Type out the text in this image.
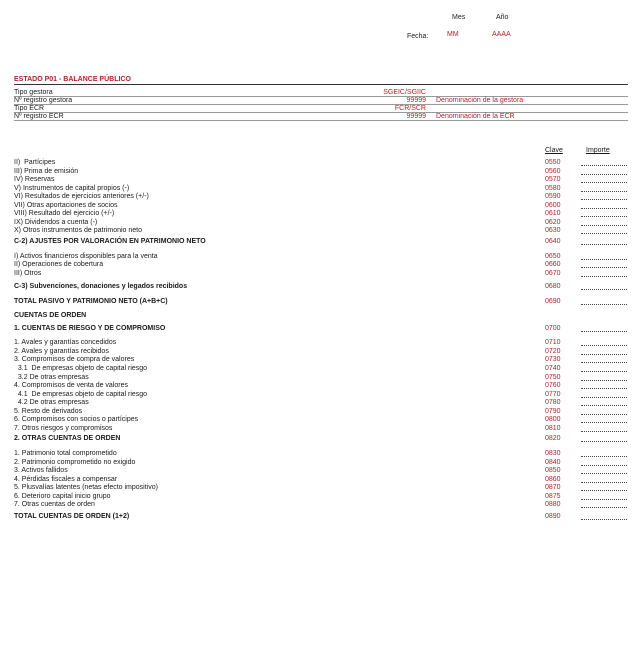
Mes	Año
Fecha:	MM	AAAA
ESTADO P01 - BALANCE PÚBLICO
Tipo gestora	SGEIC/SGIIC
Nº registro gestora	99999 Denominación de la gestora
Tipo ECR	FCR/SCR
Nº registro ECR	99999 Denominación de la ECR
Clave	Importe
II)  Partícipes	0550
III) Prima de emisión	0560
IV) Reservas	0570
V) Instrumentos de capital propios (-)	0580
VI) Resultados de ejercicios anteriores (+/-)	0590
VII) Otras aportaciones de socios	0600
VIII) Resultado del ejercicio (+/-)	0610
IX) Dividendos a cuenta (-)	0620
X) Otros instrumentos de patrimonio neto	0630
C-2) AJUSTES POR VALORACIÓN EN PATRIMONIO NETO	0640
I) Activos financieros disponibles para la venta	0650
II) Operaciones de cobertura	0660
III) Otros	0670
C-3) Subvenciones, donaciones y legados recibidos	0680
TOTAL PASIVO Y PATRIMONIO NETO (A+B+C)	0690
CUENTAS DE ORDEN
1. CUENTAS DE RIESGO Y DE COMPROMISO	0700
1. Avales y garantías concedidos	0710
2. Avales y garantías recibidos	0720
3. Compromisos de compra de valores	0730
3.1  De empresas objeto de capital riesgo	0740
3.2 De otras empresas	0750
4. Compromisos de venta de valores	0760
4.1  De empresas objeto de capital riesgo	0770
4.2 De otras empresas	0780
5. Resto de derivados	0790
6. Compromisos con socios o partícipes	0800
7. Otros riesgos y compromisos	0810
2. OTRAS CUENTAS DE ORDEN	0820
1. Patrimonio total comprometido	0830
2. Patrimonio comprometido no exigido	0840
3. Activos fallidos	0850
4. Pérdidas fiscales a compensar	0860
5. Plusvalías latentes (netas efecto impositivo)	0870
6. Deterioro capital inicio grupo	0875
7. Otras cuentas de orden	0880
TOTAL CUENTAS DE ORDEN (1+2)	0890
